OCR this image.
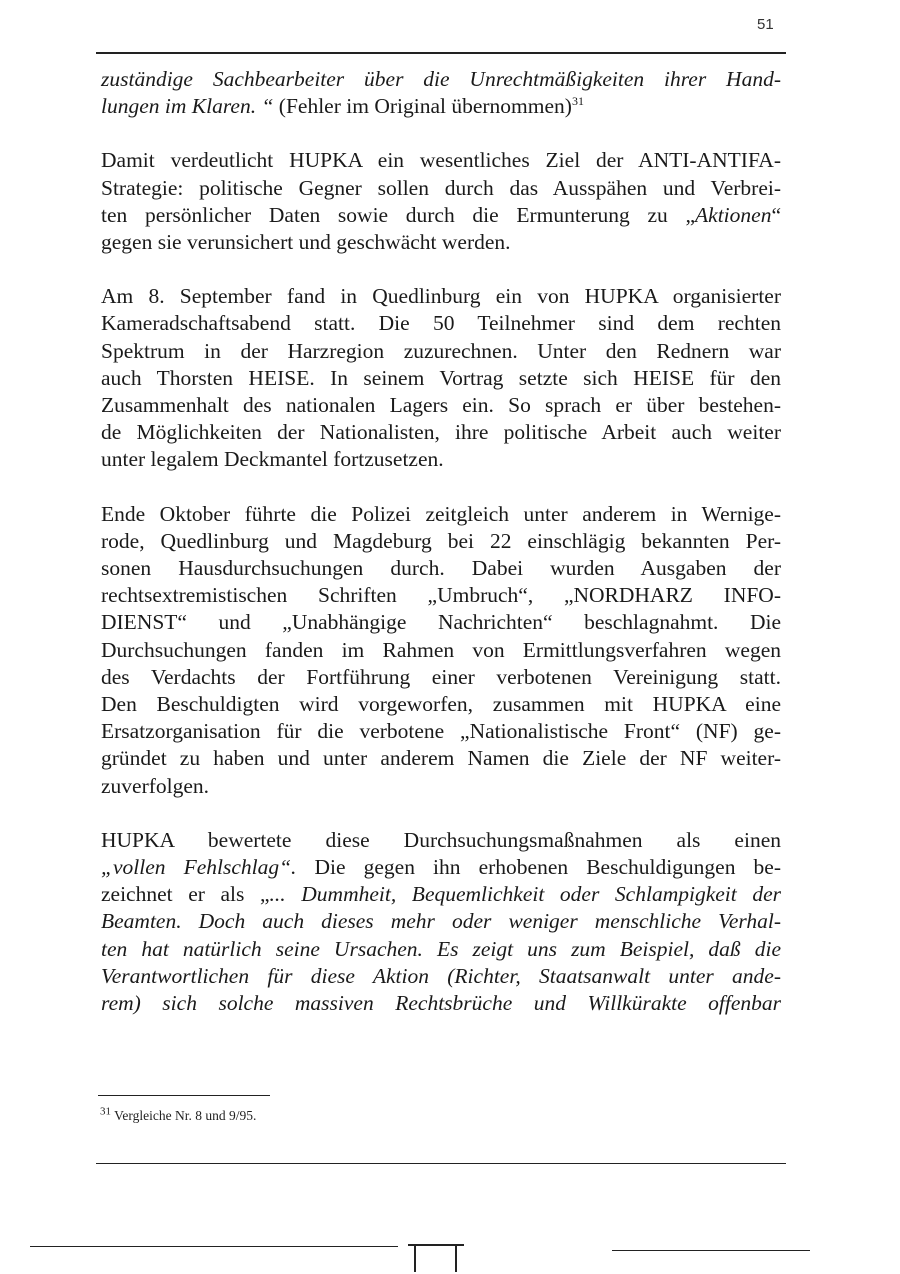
51

zuständige Sachbearbeiter über die Unrechtmäßigkeiten ihrer Hand-
lungen im Klaren. “ (Fehler im Original übernommen)$^{31}$

Damit verdeutlicht HUPKA ein wesentliches Ziel der ANTI-ANTIFA-
Strategie: politische Gegner sollen durch das Ausspähen und Verbrei-
ten persönlicher Daten sowie durch die Ermunterung zu „Aktionen“
gegen sie verunsichert und geschwächt werden.

Am 8. September fand in Quedlinburg ein von HUPKA organisierter
Kameradschaftsabend statt. Die 50 Teilnehmer sind dem rechten
Spektrum in der Harzregion zuzurechnen. Unter den Rednern war
auch Thorsten HEISE. In seinem Vortrag setzte sich HEISE für den
Zusammenhalt des nationalen Lagers ein. So sprach er über bestehen-
de Möglichkeiten der Nationalisten, ihre politische Arbeit auch weiter
unter legalem Deckmantel fortzusetzen.

Ende Oktober führte die Polizei zeitgleich unter anderem in Wernige-
rode, Quedlinburg und Magdeburg bei 22 einschlägig bekannten Per-
sonen Hausdurchsuchungen durch. Dabei wurden Ausgaben der
rechtsextremistischen Schriften „Umbruch“, „NORDHARZ INFO-
DIENST“ und „Unabhängige Nachrichten“ beschlagnahmt. Die
Durchsuchungen fanden im Rahmen von Ermittlungsverfahren wegen
des Verdachts der Fortführung einer verbotenen Vereinigung statt.
Den Beschuldigten wird vorgeworfen, zusammen mit HUPKA eine
Ersatzorganisation für die verbotene „Nationalistische Front“ (NF) ge-
gründet zu haben und unter anderem Namen die Ziele der NF weiter-
zuverfolgen.

HUPKA bewertete diese Durchsuchungsmaßnahmen als einen
„vollen Fehlschlag“. Die gegen ihn erhobenen Beschuldigungen be-
zeichnet er als „... Dummheit, Bequemlichkeit oder Schlampigkeit der
Beamten. Doch auch dieses mehr oder weniger menschliche Verhal-
ten hat natürlich seine Ursachen. Es zeigt uns zum Beispiel, daß die
Verantwortlichen für diese Aktion (Richter, Staatsanwalt unter ande-
rem) sich solche massiven Rechtsbrüche und Willkürakte offenbar

$^{31}$ Vergleiche Nr. 8 und 9/95.
